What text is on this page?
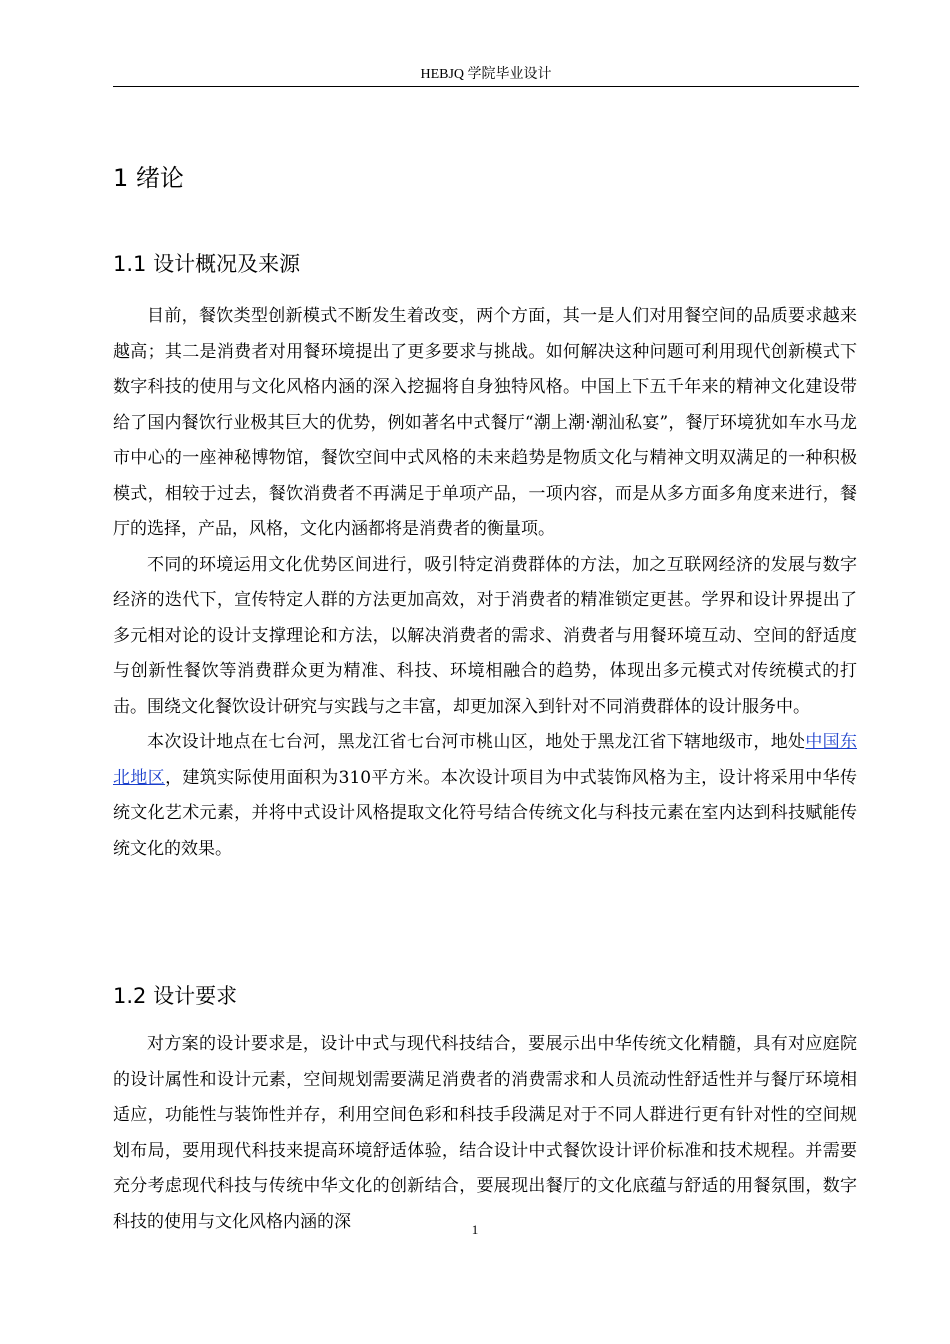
HEBJQ 学院毕业设计
1 绪论
1.1 设计概况及来源

目前，餐饮类型创新模式不断发生着改变，两个方面，其一是人们对用餐空间的品质要求越来越高；其二是消费者对用餐环境提出了更多要求与挑战。如何解决这种问题可利用现代创新模式下数字科技的使用与文化风格内涵的深入挖掘将自身独特风格。中国上下五千年来的精神文化建设带给了国内餐饮行业极其巨大的优势，例如著名中式餐厅“潮上潮·潮汕私宴”，餐厅环境犹如车水马龙市中心的一座神秘博物馆，餐饮空间中式风格的未来趋势是物质文化与精神文明双满足的一种积极模式，相较于过去，餐饮消费者不再满足于单项产品，一项内容，而是从多方面多角度来进行，餐厅的选择，产品，风格，文化内涵都将是消费者的衡量项。

不同的环境运用文化优势区间进行，吸引特定消费群体的方法，加之互联网经济的发展与数字经济的迭代下，宣传特定人群的方法更加高效，对于消费者的精准锁定更甚。学界和设计界提出了多元相对论的设计支撑理论和方法，以解决消费者的需求、消费者与用餐环境互动、空间的舒适度与创新性餐饮等消费群众更为精准、科技、环境相融合的趋势，体现出多元模式对传统模式的打击。围绕文化餐饮设计研究与实践与之丰富，却更加深入到针对不同消费群体的设计服务中。

本次设计地点在七台河，黑龙江省七台河市桃山区，地处于黑龙江省下辖地级市，地处中国东北地区，建筑实际使用面积为310平方米。本次设计项目为中式装饰风格为主，设计将采用中华传统文化艺术元素，并将中式设计风格提取文化符号结合传统文化与科技元素在室内达到科技赋能传统文化的效果。

1.2 设计要求

对方案的设计要求是，设计中式与现代科技结合，要展示出中华传统文化精髓，具有对应庭院的设计属性和设计元素，空间规划需要满足消费者的消费需求和人员流动性舒适性并与餐厅环境相适应，功能性与装饰性并存，利用空间色彩和科技手段满足对于不同人群进行更有针对性的空间规划布局，要用现代科技来提高环境舒适体验，结合设计中式餐饮设计评价标准和技术规程。并需要充分考虑现代科技与传统中华文化的创新结合，要展现出餐厅的文化底蕴与舒适的用餐氛围，数字科技的使用与文化风格内涵的深	1
